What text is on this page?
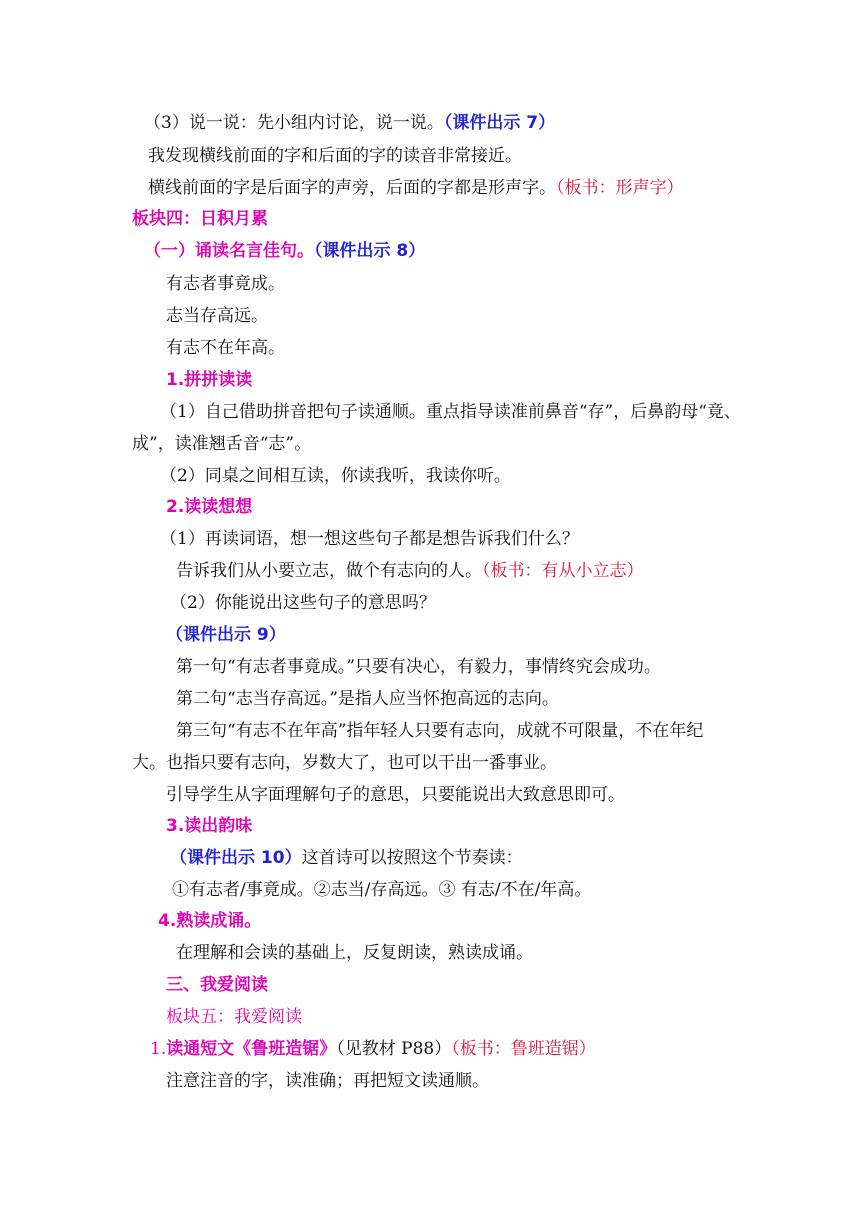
（3）说一说：先小组内讨论，说一说。（课件出示 7）
我发现横线前面的字和后面的字的读音非常接近。
横线前面的字是后面字的声旁，后面的字都是形声字。（板书：形声字）
板块四：日积月累
（一）诵读名言佳句。（课件出示 8）
有志者事竟成。
志当存高远。
有志不在年高。
1.拼拼读读
（1）自己借助拼音把句子读通顺。重点指导读准前鼻音“存”，后鼻韵母“竟、
成”，读准翘舌音“志”。
（2）同桌之间相互读，你读我听，我读你听。
2.读读想想
（1）再读词语，想一想这些句子都是想告诉我们什么？
告诉我们从小要立志，做个有志向的人。（板书：有从小立志）
（2）你能说出这些句子的意思吗？
（课件出示 9）
第一句“有志者事竟成。”只要有决心，有毅力，事情终究会成功。
第二句“志当存高远。”是指人应当怀抱高远的志向。
第三句“有志不在年高”指年轻人只要有志向，成就不可限量，不在年纪
大。也指只要有志向，岁数大了，也可以干出一番事业。
引导学生从字面理解句子的意思，只要能说出大致意思即可。
3.读出韵味
（课件出示 10）这首诗可以按照这个节奏读：
①有志者/事竟成。②志当/存高远。③ 有志/不在/年高。
4.熟读成诵。
在理解和会读的基础上，反复朗读，熟读成诵。
三、我爱阅读
板块五：我爱阅读
1.读通短文《鲁班造锯》（见教材 P88）（板书：鲁班造锯）
注意注音的字，读准确；再把短文读通顺。
